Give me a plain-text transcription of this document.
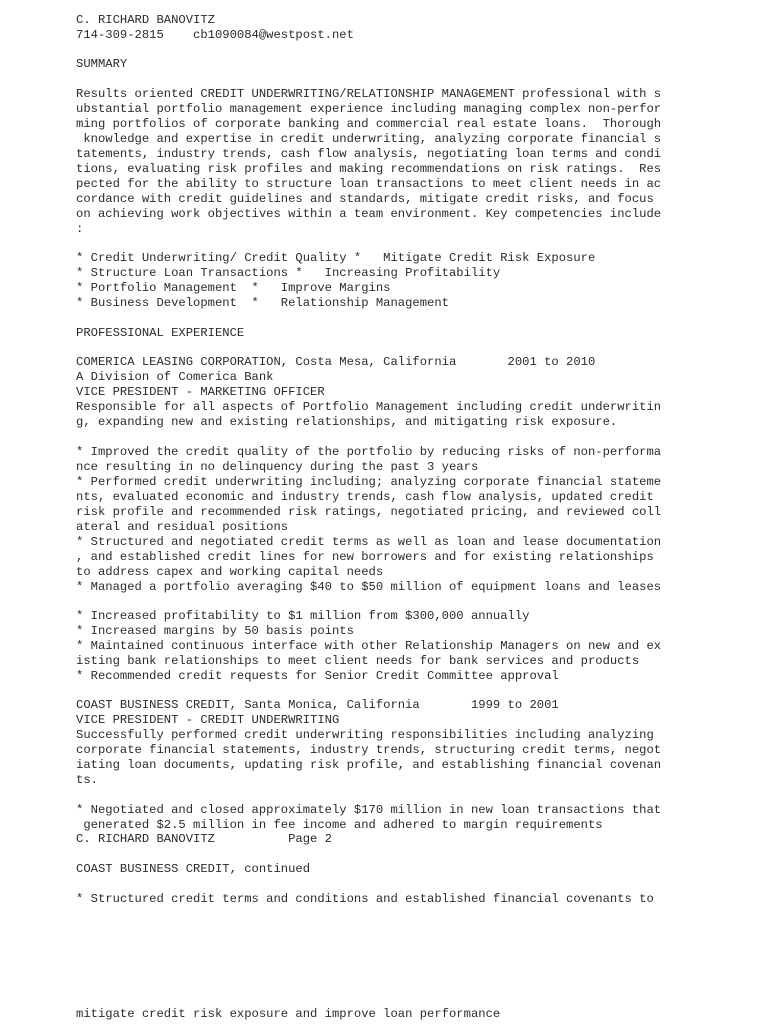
C. RICHARD BANOVITZ

714-309-2815    cb1090084@westpost.net

SUMMARY

Results oriented CREDIT UNDERWRITING/RELATIONSHIP MANAGEMENT professional with s

ubstantial portfolio management experience including managing complex non-perfor

ming portfolios of corporate banking and commercial real estate loans.  Thorough

knowledge and expertise in credit underwriting, analyzing corporate financial s

tatements, industry trends, cash flow analysis, negotiating loan terms and condi

tions, evaluating risk profiles and making recommendations on risk ratings.  Res

pected for the ability to structure loan transactions to meet client needs in ac

cordance with credit guidelines and standards, mitigate credit risks, and focus

on achieving work objectives within a team environment. Key competencies include

:

* Credit Underwriting/ Credit Quality *   Mitigate Credit Risk Exposure

* Structure Loan Transactions *   Increasing Profitability

* Portfolio Management  *   Improve Margins

* Business Development  *   Relationship Management

PROFESSIONAL EXPERIENCE

COMERICA LEASING CORPORATION, Costa Mesa, California       2001 to 2010

A Division of Comerica Bank

VICE PRESIDENT - MARKETING OFFICER

Responsible for all aspects of Portfolio Management including credit underwritin

g, expanding new and existing relationships, and mitigating risk exposure.

* Improved the credit quality of the portfolio by reducing risks of non-performa

nce resulting in no delinquency during the past 3 years

* Performed credit underwriting including; analyzing corporate financial stateme

nts, evaluated economic and industry trends, cash flow analysis, updated credit

risk profile and recommended risk ratings, negotiated pricing, and reviewed coll

ateral and residual positions

* Structured and negotiated credit terms as well as loan and lease documentation

, and established credit lines for new borrowers and for existing relationships

to address capex and working capital needs

* Managed a portfolio averaging $40 to $50 million of equipment loans and leases

* Increased profitability to $1 million from $300,000 annually

* Increased margins by 50 basis points

* Maintained continuous interface with other Relationship Managers on new and ex

isting bank relationships to meet client needs for bank services and products

* Recommended credit requests for Senior Credit Committee approval

COAST BUSINESS CREDIT, Santa Monica, California       1999 to 2001

VICE PRESIDENT - CREDIT UNDERWRITING

Successfully performed credit underwriting responsibilities including analyzing

corporate financial statements, industry trends, structuring credit terms, negot

iating loan documents, updating risk profile, and establishing financial covenan

ts.

* Negotiated and closed approximately $170 million in new loan transactions that

generated $2.5 million in fee income and adhered to margin requirements

C. RICHARD BANOVITZ          Page 2

COAST BUSINESS CREDIT, continued

* Structured credit terms and conditions and established financial covenants to

mitigate credit risk exposure and improve loan performance
